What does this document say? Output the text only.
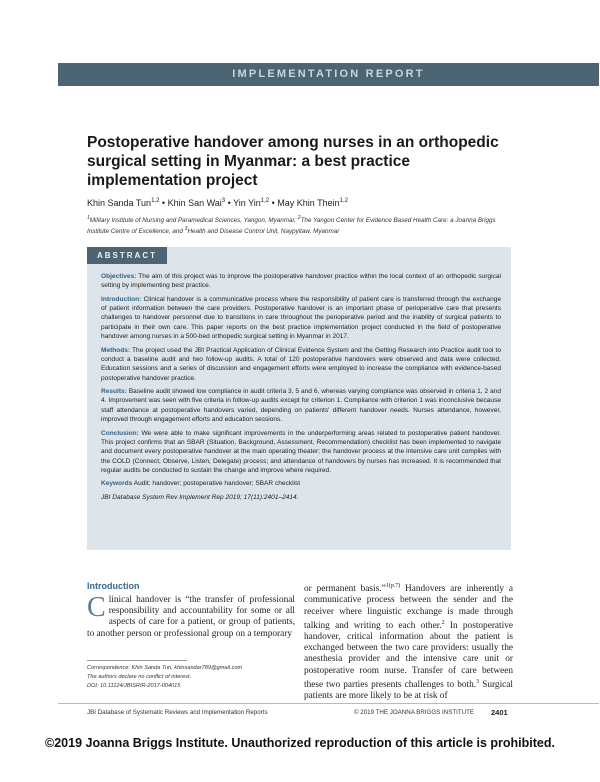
IMPLEMENTATION REPORT
Postoperative handover among nurses in an orthopedic surgical setting in Myanmar: a best practice implementation project
Khin Sanda Tun$^{1,2}$ • Khin San Wai$^3$ • Yin Yin$^{1,2}$ • May Khin Thein$^{1,2}$
$^1$Military Institute of Nursing and Paramedical Sciences, Yangon, Myanmar, $^2$The Yangon Center for Evidence Based Health Care: a Joanna Briggs Institute Centre of Excellence, and $^3$Health and Disease Control Unit, Naypyitaw, Myanmar
ABSTRACT

Objectives: The aim of this project was to improve the postoperative handover practice within the local context of an orthopedic surgical setting by implementing best practice.

Introduction: Clinical handover is a communicative process where the responsibility of patient care is transferred through the exchange of patient information between the care providers. Postoperative handover is an important phase of perioperative care that presents challenges to handover personnel due to transitions in care throughout the perioperative period and the inability of surgical patients to participate in their own care. This paper reports on the best practice implementation project conducted in the field of postoperative handover among nurses in a 500-bed orthopedic surgical setting in Myanmar in 2017.

Methods: The project used the JBI Practical Application of Clinical Evidence System and the Getting Research into Practice audit tool to conduct a baseline audit and two follow-up audits. A total of 120 postoperative handovers were observed and data were collected. Education sessions and a series of discussion and engagement efforts were employed to increase the compliance with evidence-based postoperative handover practice.

Results: Baseline audit showed low compliance in audit criteria 3, 5 and 6, whereas varying compliance was observed in criteria 1, 2 and 4. Improvement was seen with five criteria in follow-up audits except for criterion 1. Compliance with criterion 1 was inconclusive because staff attendance at postoperative handovers varied, depending on patients' different handover needs. Nurses attendance, however, improved through engagement efforts and education sessions.

Conclusion: We were able to make significant improvements in the underperforming areas related to postoperative patient handover. This project confirms that an SBAR (Situation, Background, Assessment, Recommendation) checklist has been implemented to navigate and document every postoperative handover at the main operating theater; the handover process at the intensive care unit complies with the COLD (Connect, Observe, Listen, Delegate) process; and attendance of handovers by nurses has increased. It is recommended that regular audits be conducted to sustain the change and improve where required.

Keywords Audit; handover; postoperative handover; SBAR checklist

JBI Database System Rev Implement Rep 2019; 17(11):2401–2414.

Introduction
Clinical handover is “the transfer of professional responsibility and accountability for some or all aspects of care for a patient, or group of patients, to another person or professional group on a temporary
or permanent basis.”$^{1(p.7)}$ Handovers are inherently a communicative process between the sender and the receiver where linguistic exchange is made through talking and writing to each other.$^2$ In postoperative handover, critical information about the patient is exchanged between the two care providers: usually the anesthesia provider and the intensive care unit or postoperative room nurse. Transfer of care between these two parties presents challenges to both.$^3$ Surgical patients are more likely to be at risk of
Correspondence: Khin Sanda Tun, khinsandar789@gmail.com
The authors declare no conflict of interest.
DOI: 10.11124/JBISRIR-2017-004015
JBI Database of Systematic Reviews and Implementation Reports	© 2019 THE JOANNA BRIGGS INSTITUTE 2401
©2019 Joanna Briggs Institute. Unauthorized reproduction of this article is prohibited.
